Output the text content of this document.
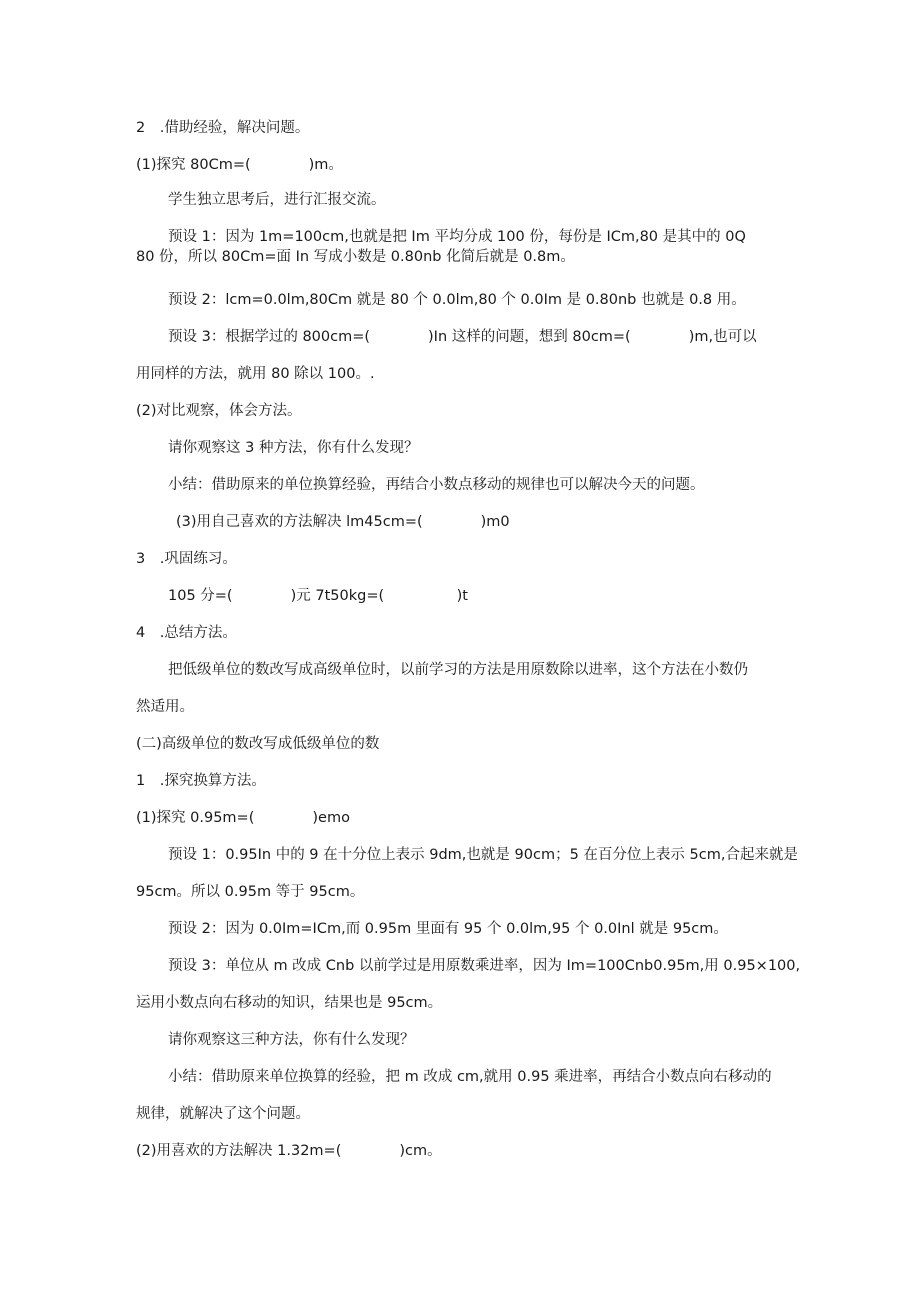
2　.借助经验，解决问题。
(1)探究 80Cm=(　　　　)m。
学生独立思考后，进行汇报交流。
预设 1：因为 1m=100cm,也就是把 Im 平均分成 100 份，每份是 ICm,80 是其中的 0Q
80 份，所以 80Cm=面 In 写成小数是 0.80nb 化简后就是 0.8m。
预设 2：lcm=0.0lm,80Cm 就是 80 个 0.0lm,80 个 0.0Im 是 0.80nb 也就是 0.8 用。
预设 3：根据学过的 800cm=(　　　　)In 这样的问题，想到 80cm=(　　　　)m,也可以
用同样的方法，就用 80 除以 100。.
(2)对比观察，体会方法。
请你观察这 3 种方法，你有什么发现？
小结：借助原来的单位换算经验，再结合小数点移动的规律也可以解决今天的问题。
(3)用自己喜欢的方法解决 lm45cm=(　　　　)m0
3　.巩固练习。
105 分=(　　　　)元 7t50kg=(　　　　　)t
4　.总结方法。
把低级单位的数改写成高级单位时，以前学习的方法是用原数除以进率，这个方法在小数仍
然适用。
(二)高级单位的数改写成低级单位的数
1　.探究换算方法。
(1)探究 0.95m=(　　　　)emo
预设 1：0.95In 中的 9 在十分位上表示 9dm,也就是 90cm；5 在百分位上表示 5cm,合起来就是
95cm。所以 0.95m 等于 95cm。
预设 2：因为 0.0Im=ICm,而 0.95m 里面有 95 个 0.0lm,95 个 0.0Inl 就是 95cm。
预设 3：单位从 m 改成 Cnb 以前学过是用原数乘进率，因为 Im=100Cnb0.95m,用 0.95×100,
运用小数点向右移动的知识，结果也是 95cm。
请你观察这三种方法，你有什么发现？
小结：借助原来单位换算的经验，把 m 改成 cm,就用 0.95 乘进率，再结合小数点向右移动的
规律，就解决了这个问题。
(2)用喜欢的方法解决 1.32m=(　　　　)cm。
